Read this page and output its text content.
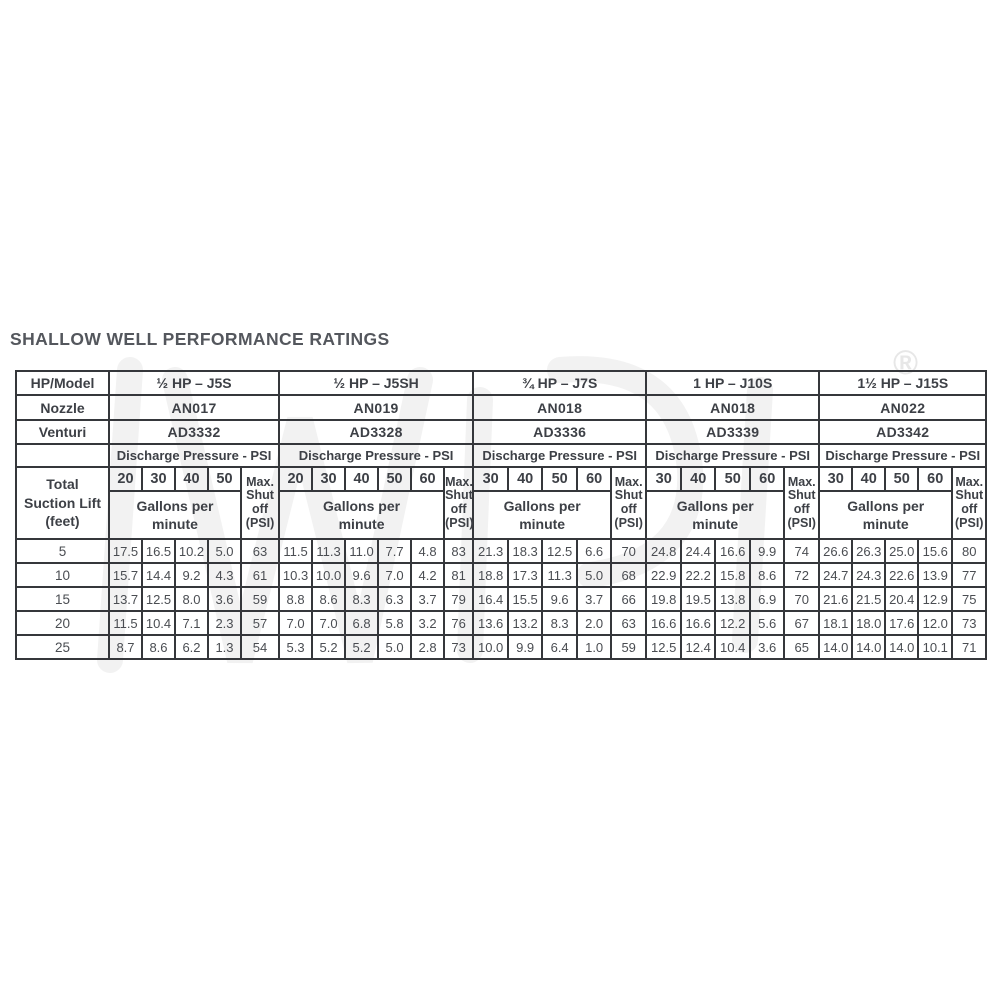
®
SHALLOW WELL PERFORMANCE RATINGS
HP/Model	½ HP – J5S					½ HP – J5SH						¾ HP – J7S					1 HP – J10S					1½ HP – J15S				
Nozzle	AN017					AN019						AN018					AN018					AN022				
Venturi	AD3332					AD3328						AD3336					AD3339					AD3342				
	Discharge Pressure - PSI					Discharge Pressure - PSI						Discharge Pressure - PSI					Discharge Pressure - PSI					Discharge Pressure - PSI				

Total Suction Lift (feet)	20	30	40	50	Max. Shut off (PSI)	20	30	40	50	60	Max. Shut off (PSI)	30	40	50	60	Max. Shut off (PSI)	30	40	50	60	Max. Shut off (PSI)	30	40	50	60	Max. Shut off (PSI)

	Gallons per minute					Gallons per minute						Gallons per minute					Gallons per minute					Gallons per minute				

5	17.5	16.5	10.2	5.0	63	11.5	11.3	11.0	7.7	4.8	83	21.3	18.3	12.5	6.6	70	24.8	24.4	16.6	9.9	74	26.6	26.3	25.0	15.6	80
10	15.7	14.4	9.2	4.3	61	10.3	10.0	9.6	7.0	4.2	81	18.8	17.3	11.3	5.0	68	22.9	22.2	15.8	8.6	72	24.7	24.3	22.6	13.9	77
15	13.7	12.5	8.0	3.6	59	8.8	8.6	8.3	6.3	3.7	79	16.4	15.5	9.6	3.7	66	19.8	19.5	13.8	6.9	70	21.6	21.5	20.4	12.9	75
20	11.5	10.4	7.1	2.3	57	7.0	7.0	6.8	5.8	3.2	76	13.6	13.2	8.3	2.0	63	16.6	16.6	12.2	5.6	67	18.1	18.0	17.6	12.0	73
25	8.7	8.6	6.2	1.3	54	5.3	5.2	5.2	5.0	2.8	73	10.0	9.9	6.4	1.0	59	12.5	12.4	10.4	3.6	65	14.0	14.0	14.0	10.1	71
